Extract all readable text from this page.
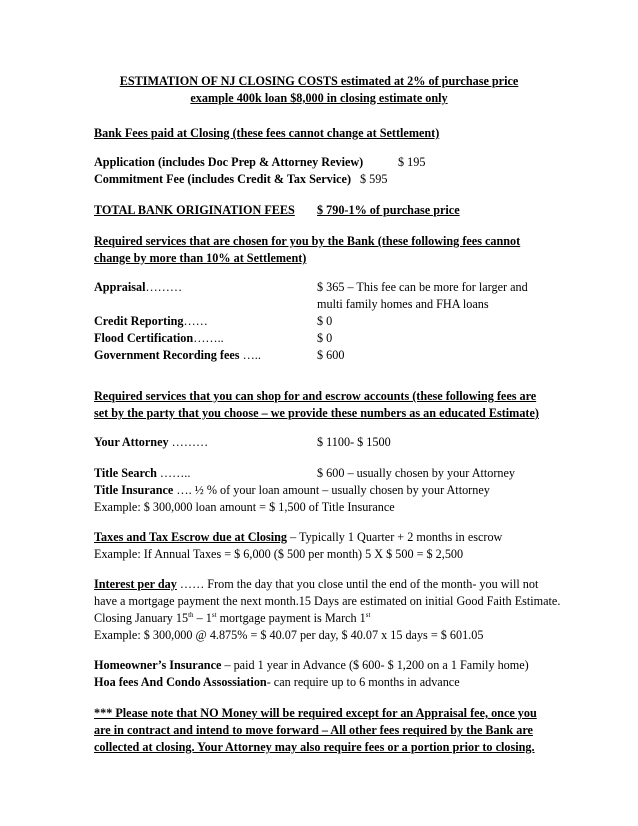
ESTIMATION OF NJ CLOSING COSTS estimated at 2% of purchase price
example 400k loan $8,000 in closing estimate only
Bank Fees paid at Closing (these fees cannot change at Settlement)
Application (includes Doc Prep & Attorney Review)	$ 195
Commitment Fee (includes Credit & Tax Service) $ 595
TOTAL BANK ORIGINATION FEES $ 790-1% of purchase price
Required services that are chosen for you by the Bank (these following fees cannot
change by more than 10% at Settlement)
Appraisal………	$ 365 – This fee can be more for larger and
multi family homes and FHA loans
Credit Reporting……	$ 0
Flood Certification……..	$ 0
Government Recording fees …..	$ 600
Required services that you can shop for and escrow accounts (these following fees are
set by the party that you choose – we provide these numbers as an educated Estimate)
Your Attorney ………	$ 1100- $ 1500
Title Search ……..	$ 600 – usually chosen by your Attorney
Title Insurance …. ½ % of your loan amount – usually chosen by your Attorney
Example: $ 300,000 loan amount = $ 1,500 of Title Insurance
Taxes and Tax Escrow due at Closing – Typically 1 Quarter + 2 months in escrow
Example: If Annual Taxes = $ 6,000 ($ 500 per month) 5 X $ 500 = $ 2,500
Interest per day …… From the day that you close until the end of the month- you will not
have a mortgage payment the next month.15 Days are estimated on initial Good Faith Estimate.
Closing January 15th – 1st mortgage payment is March 1st
Example: $ 300,000 @ 4.875% = $ 40.07 per day, $ 40.07 x 15 days = $ 601.05
Homeowner’s Insurance – paid 1 year in Advance ($ 600- $ 1,200 on a 1 Family home)
Hoa fees And Condo Assossiation- can require up to 6 months in advance
*** Please note that NO Money will be required except for an Appraisal fee, once you
are in contract and intend to move forward – All other fees required by the Bank are
collected at closing. Your Attorney may also require fees or a portion prior to closing.
